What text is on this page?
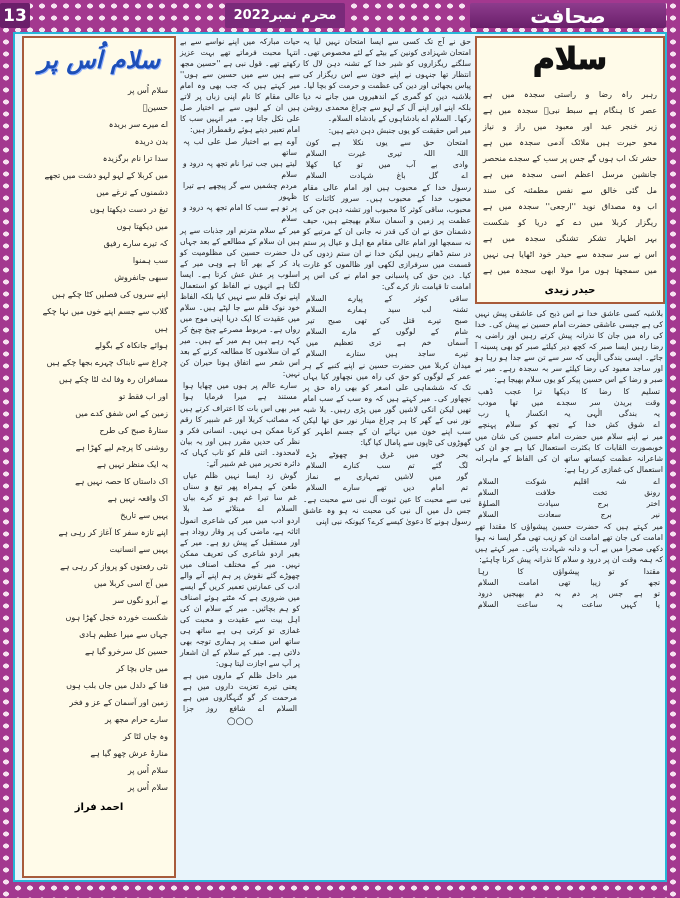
صحافت
محرم نمبر2022
13
سلام اُس پر
سلام اُس پر
حسینؑ
اے میرے سر بریدہ
بدن دریدہ
سدا ترا نام برگزیدہ
میں کربلا کے لہو لہو دشت میں تجھے
دشمنوں کے نرغے میں
تیغ در دست دیکھتا ہوں
میں دیکھتا ہوں
کہ تیرے سارے رفیق
سب ہمنوا
سبھی جانفروش
اپنے سروں کی فصلیں کٹا چکے ہیں
گلاب سے جسم اپنے خوں میں نہا چکے ہیں
ہوائے جانکاہ کے بگولے
چراغ سے تابناک چہرے بجھا چکے ہیں
مسافران رہ وفا لٹ لٹا چکے ہیں
اور اب فقط تو
زمین کے اس شفق کدے میں
ستارۂ صبح کی طرح
روشنی کا پرچم لیے کھڑا ہے
یہ ایک منظر نہیں ہے
اک داستاں کا حصہ نہیں ہے
اک واقعہ نہیں ہے
یہیں سے تاریخ
اپنے تازہ سفر کا آغاز کر رہی ہے
یہیں سے انسانیت
نئی رفعتوں کو پرواز کر رہی ہے
میں آج اسی کربلا میں
بے آبرو نگوں سر
شکست خوردہ خجل کھڑا ہوں
جہاں سے میرا عظیم ہادی
حسین کل سرخرو گیا ہے
میں جاں بچا کر
فنا کے دلدل میں جاں بلب ہوں
زمین اور آسمان کے عز و فخر
سارے حرام مجھ پر
وہ جاں لٹا کر
منارۂ عرش چھو گیا ہے
سلام اُس پر
سلام اُس پر
احمد فراز
سلام
رہبر راہ رضا و راستی سجدہ میں ہے
عصر کا ہنگام ہے سبط نبیؐ سجدہ میں ہے
زیر خنجر عبد اور معبود میں راز و نیاز
محو حیرت ہیں ملائک آدمی سجدہ میں ہے
حشر تک اب ہوں گے جس پر سب کے سجدے منحصر
جانشین مرسل اعظم اسی سجدہ میں ہے
مل گئی خالق سے نفس مطمئنہ کی سند
اب وہ مصداق نوید ''ارجعی'' سجدہ میں ہے
ریگزار کربلا میں دے کے دریا کو شکست
بہر اظہار تشکر تشنگی سجدہ میں ہے
اس نے سر سجدہ سے حیدر خود اٹھایا ہی نہیں
میں سمجھتا ہوں مرا مولا ابھی سجدہ میں ہے
حیدر زیدی

بلاشبہ کسی عاشق خدا نے اس ذبح کی عاشقی پیش نہیں کی ہے جیسی عاشقی حضرت امام حسین نے پیش کی۔ خدا کی راہ میں جان کا نذرانہ پیش کرتے رہیں اور راضی بہ رضا رہیں ایسا صبر کہ کچھ دیر کیلئے صبر کو بھی پسینہ آ جائے۔ ایسی بندگی الٰہی کہ سر سے تن سے جدا ہو رہا ہو اور ساجد معبود کی رضا کیلئے سر بہ سجدہ رہے۔ میر نے صبر و رضا کے اس حسین پیکر کو یوں سلام بھیجا ہے:

تسلیم کا رضا کا دیکھا ترا عجب ڈھب
وقت بریدن سر سجدے میں تھا مودب
یہ بندگی الٰہی یہ انکسار یا رب
اے شوق کش خدا کے تجھ کو سلام پہنچے

میر نے اپنے سلام میں حضرت امام حسین کی شان میں خوبصورت القابات کا بکثرت استعمال کیا ہے جو ان کی شاعرانہ عظمت کیساتھ ساتھ ان کی الفاظ کے ماہرانہ استعمال کی غمازی کر رہا ہے:

اے شہ اقلیم شوکت السلام
رونق تخت خلافت السلام
اختر برج سیادت الصلوٰۃ
نیر برج سعادت السلام

میر کہتے ہیں کہ حضرت حسین پیشواؤں کا مقتدا تھے امامت کی جان تھے امامت ان کو زیب تھی مگر ایسا نہ ہوا دکھی صحرا میں بے آب و دانہ شہادت پائی۔ میر کہتے ہیں کہ ہمہ وقت ان پر درود و سلام کا نذرانہ پیش کرنا چاہئے:

مقتدا تو پیشواؤں کا رہا
تجھ کو زیبا تھی امامت السلام
تو ہے جس پر دم بہ دم بھیجیں درود
یا کہیں ساعت بہ ساعت السلام

حیات مبارکہ میں اپنے نواسے سے بے انتہا محبت فرماتے تھے بہت عزیز رکھتے تھے۔ قول نبی ہے ''حسین مجھ سے ہیں سے میں حسین سے ہوں'' میر کہتے ہیں کہ جب بھی وہ امام عالی مقام کا نام اپنی زباں پر لاتے ہیں ان کے لبوں سے بے اختیار صل علی نکل جاتا ہے۔ میر انہیں سب کا امام تعبیر دیتے ہوئے رقمطراز ہیں:

آوے ہے بے اختیار صل علی لب پہ ساتھ
لیتے ہیں جب تیرا نام تجھ پہ درود و سلام
مردم چشمیں سے گر پیچھے ہے تیرا ظہور
پر تو ہے سب کا امام تجھ پہ درود و سلام

میر کے سلام مترنم اور جذبات سے پر ہیں ان سلام کے مطالعے کے بعد جہاں دل حضرت حسین کی مظلومیت کو یاد کر کے بھر آتا ہے وہی میر کے اسلوب پر عش عش کرتا ہے۔ ایسا لگتا ہے انہوں نے الفاظ کو استعمال اپنے نوک قلم سے نہیں کیا بلکہ الفاظ خود نوک قلم سے جا لپٹے ہیں۔ سلام میں عقیدت کا ایک دریا اپنی موج میں رواں ہے۔ مربوط مصرعے چیخ چیخ کر کہہ رہے ہیں ہم میر کے ہیں۔ میر کے ان سلاموں کا مطالعہ کرنے کے بعد اس شعر سے اتفاق ہونا حیران کن نہیں:

سارے عالم پر ہوں میں چھایا ہوا
مستند ہے میرا فرمایا ہوا

میر بھی اس بات کا اعتراف کرتے ہیں کہ مصائب کربلا اور غم شبیر کا رقم کرنا ممکن ہی نہیں۔ انسانی فکر و نظر کی حدیں مقرر ہیں اور یہ بیان لامحدود۔ اتنی قلم کو تاب کہاں کہ دائرہ تحریر میں غم شبیر آئے:

گوش زد ایسا نہیں ظلم عیاں
طعن کے ہمراہ پھر تیغ و سناں
غم سا تیرا غم ہو تو کرے بیاں
السلام اے مبتلائے صد بلا

اردو ادب میں میر کی شاعری انمول اثاثہ ہے، ماضی کی پر وقار روداد ہے اور مستقبل کے پیش رو ہے۔ میر کے بغیر اردو شاعری کی تعریف ممکن نہیں۔ میر کے مختلف اصناف میں چھوڑے گئے نقوش پر ہم اپنے آنے والے ادب کی عمارتیں تعمیر کریں گے ایسے میں ضروری ہے کہ مٹتے ہوئے اصناف کو ہم بچائیں۔ میر کے سلام ان کی اہل بیت سے عقیدت و محبت کی غمازی تو کرتی ہی ہے ساتھ ہی ساتھ اس صنف پر ہماری توجہ بھی دلاتی ہے۔ میر کے سلام کے ان اشعار پر آپ سے اجازت لیتا ہوں:

میر داخل ظلم کے ماروں میں ہے
یعنی تیرے تعزیت داروں میں ہے
مرحمت کر گو گنہگاروں میں ہے
السلام اے شافع روز جزا
○○○

حق نے آج تک کسی سے ایسا امتحان نہیں لیا یہ امتحان شہزادی کونین کے بیٹے کے لئے مخصوص تھی۔ سلگتے ریگزاروں کو شیر خدا کے تشنہ دہن لال کا انتظار تھا جنہوں نے اپنے خون سے اس ریگزار کی پیاس بجھائی اور دین کی عظمت و حرمت کو بچا لیا۔ بلاشبہ دین کو گمری کے اندھیروں میں جانے نہ دیا بلکہ اپنے اور اپنے آل کے لہو سے چراغ محمدی روشن رکھا۔ السلام اے بادشاہوں کے بادشاہ السلام۔

میر اس حقیقت کو یوں جنبش دہن دیتے ہیں:

امتحان حق سے یوں نکلا ہے کون
اللہ اللہ تیری غیرت السلام
وادی بے آب میں تو کیا کھلا
اے گل باغ شہادت السلام

رسول خدا کے محبوب ہیں اور امام عالی مقام محبوب خدا کے محبوب ہیں۔ سرور کائنات کا محبوب، ساقی کوثر کا محبوب اور تشنہ دہن جن کی عظمت پر زمین و آسمان سلام بھیجتے ہیں، حیف دشمنان حق نے ان کی قدر نہ جانی ان کے مرتبے کو نہ سمجھا اور امام عالی مقام مع اہل و عیال پر ستم در ستم ڈھاتے رہیں لیکن خدا نے ان ستم زدوں کی قسمت میں سرفرازی لکھی اور ظالموں کو غارت کیا۔ دین حق کی پاسبانی جو امام نے کی اس پر امامت تا قیامت ناز کرے گی:

ساقی کوثر کے پیارے السلام
تشنہ لب سید ہمارے السلام
صبح تیرے قتل کی تھی صبح تیر
شام کے لوگوں کے مارے السلام
آسماں خم ہے تری تعظیم میں
تیرے ساجد ہیں ستارے السلام

میدان کربلا میں حضرت حسین نے اپنے کنبے کے ہر عمر کے لوگوں کو حق کی راہ میں نچھاور کیا یہاں تک کہ ششماہی علی اصغر کو بھی راہ حق پر نچھاور کی۔ میر کہتے ہیں کہ وہ سب کے سب امام تھیں لیکن انکی لاشیں گور میں پڑی رہیں۔ بلا شبہ نور نبی کے گھر کا ہر چراغ مینار نور حق تھا لیکن سب اپنے خون میں نہائے ان کے جسم اطہر کو گھوڑوں کی ٹاپوں سے پامال کیا گیا:

بحر خوں میں غرق ہو چھوٹے بڑے
لگ گئے تم سب کنارے السلام
گور میں لاشیں تمہاری بے نماز
تم امام دیں تھے سارے السلام

نبی سے محبت کا عین ثبوت آل نبی سے محبت ہے۔ جس دل میں آل نبی کی محبت نہ ہو وہ عاشق رسول ہونے کا دعویٰ کیسے کرے؟ کیونکہ نبی اپنی
